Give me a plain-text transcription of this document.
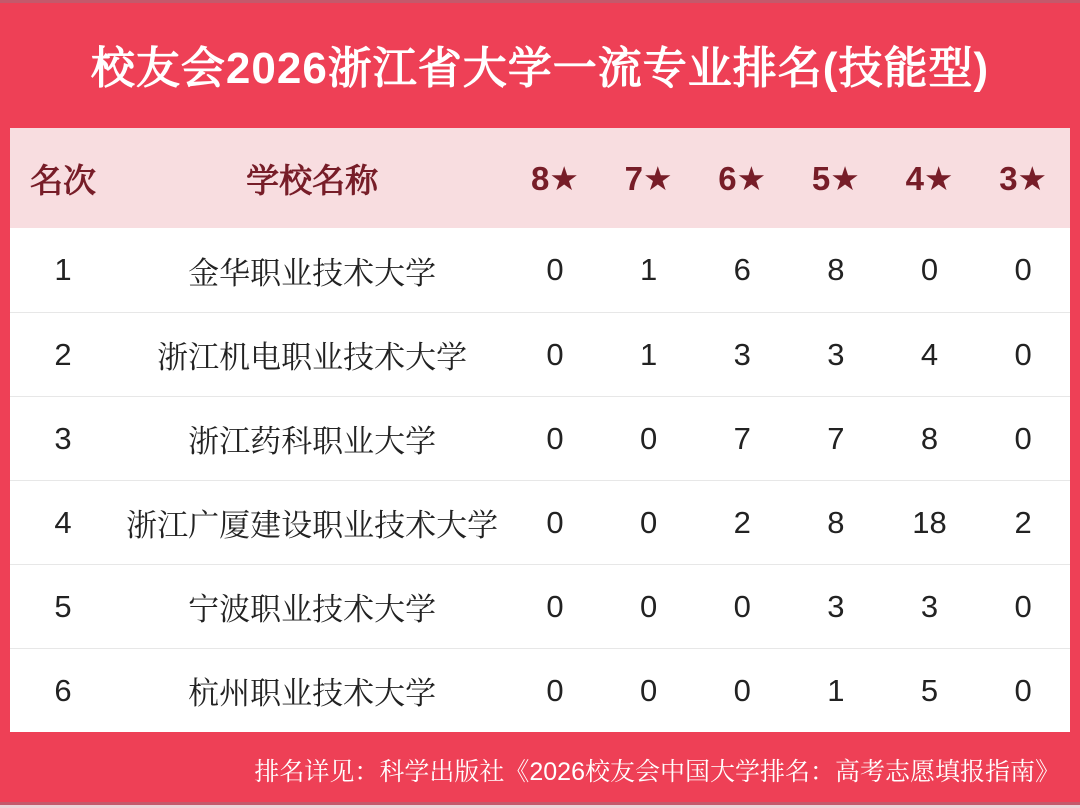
校友会2026浙江省大学一流专业排名(技能型)
名次	学校名称	8★	7★	6★	5★	4★	3★
1	金华职业技术大学	0	1	6	8	0	0
2	浙江机电职业技术大学	0	1	3	3	4	0
3	浙江药科职业大学	0	0	7	7	8	0
4	浙江广厦建设职业技术大学	0	0	2	8	18	2
5	宁波职业技术大学	0	0	0	3	3	0
6	杭州职业技术大学	0	0	0	1	5	0
排名详见：科学出版社《2026校友会中国大学排名：高考志愿填报指南》
